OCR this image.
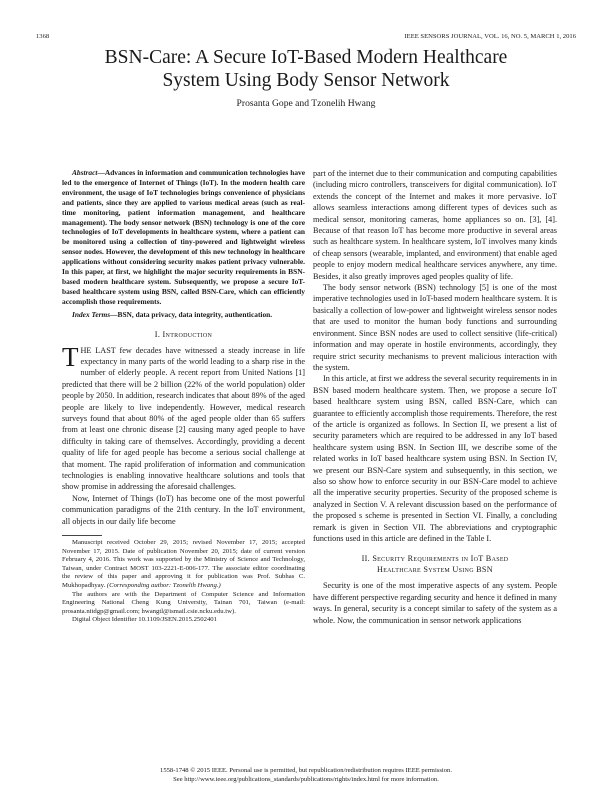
1368	IEEE SENSORS JOURNAL, VOL. 16, NO. 5, MARCH 1, 2016
BSN-Care: A Secure IoT-Based Modern Healthcare
System Using Body Sensor Network
Prosanta Gope and Tzonelih Hwang

Abstract—Advances in information and communication technologies have led to the emergence of Internet of Things (IoT). In the modern health care environment, the usage of IoT technologies brings convenience of physicians and patients, since they are applied to various medical areas (such as real-time monitoring, patient information management, and healthcare management). The body sensor network (BSN) technology is one of the core technologies of IoT developments in healthcare system, where a patient can be monitored using a collection of tiny-powered and lightweight wireless sensor nodes. However, the development of this new technology in healthcare applications without considering security makes patient privacy vulnerable. In this paper, at first, we highlight the major security requirements in BSN-based modern healthcare system. Subsequently, we propose a secure IoT-based healthcare system using BSN, called BSN-Care, which can efficiently accomplish those requirements.

Index Terms—BSN, data privacy, data integrity, authentication.

I. Introduction

THE LAST few decades have witnessed a steady increase in life expectancy in many parts of the world leading to a sharp rise in the number of elderly people. A recent report from United Nations [1] predicted that there will be 2 billion (22% of the world population) older people by 2050. In addition, research indicates that about 89% of the aged people are likely to live independently. However, medical research surveys found that about 80% of the aged people older than 65 suffers from at least one chronic disease [2] causing many aged people to have difficulty in taking care of themselves. Accordingly, providing a decent quality of life for aged people has become a serious social challenge at that moment. The rapid proliferation of information and communication technologies is enabling innovative healthcare solutions and tools that show promise in addressing the aforesaid challenges.

Now, Internet of Things (IoT) has become one of the most powerful communication paradigms of the 21th century. In the IoT environment, all objects in our daily life become

Manuscript received October 29, 2015; revised November 17, 2015; accepted November 17, 2015. Date of publication November 20, 2015; date of current version February 4, 2016. This work was supported by the Ministry of Science and Technology, Taiwan, under Contract MOST 103-2221-E-006-177. The associate editor coordinating the review of this paper and approving it for publication was Prof. Subhas C. Mukhopadhyay. (Corresponding author: Tzonelih Hwang.)

The authors are with the Department of Computer Science and Information Engineering National Cheng Kung University, Tainan 701, Taiwan (e-mail: prosanta.nitdgp@gmail.com; hwangtl@ismail.csie.ncku.edu.tw).

Digital Object Identifier 10.1109/JSEN.2015.2502401

part of the internet due to their communication and computing capabilities (including micro controllers, transceivers for digital communication). IoT extends the concept of the Internet and makes it more pervasive. IoT allows seamless interactions among different types of devices such as medical sensor, monitoring cameras, home appliances so on. [3], [4]. Because of that reason IoT has become more productive in several areas such as healthcare system. In healthcare system, IoT involves many kinds of cheap sensors (wearable, implanted, and environment) that enable aged people to enjoy modern medical healthcare services anywhere, any time. Besides, it also greatly improves aged peoples quality of life.

The body sensor network (BSN) technology [5] is one of the most imperative technologies used in IoT-based modern healthcare system. It is basically a collection of low-power and lightweight wireless sensor nodes that are used to monitor the human body functions and surrounding environment. Since BSN nodes are used to collect sensitive (life-critical) information and may operate in hostile environments, accordingly, they require strict security mechanisms to prevent malicious interaction with the system.

In this article, at first we address the several security requirements in in BSN based modern healthcare system. Then, we propose a secure IoT based healthcare system using BSN, called BSN-Care, which can guarantee to efficiently accomplish those requirements. Therefore, the rest of the article is organized as follows. In Section II, we present a list of security parameters which are required to be addressed in any IoT based healthcare system using BSN. In Section III, we describe some of the related works in IoT based healthcare system using BSN. In Section IV, we present our BSN-Care system and subsequently, in this section, we also so show how to enforce security in our BSN-Care model to achieve all the imperative security properties. Security of the proposed scheme is analyzed in Section V. A relevant discussion based on the performance of the proposed s scheme is presented in Section VI. Finally, a concluding remark is given in Section VII. The abbreviations and cryptographic functions used in this article are defined in the Table I.

II. Security Requirements in IoT Based
Healthcare System Using BSN

Security is one of the most imperative aspects of any system. People have different perspective regarding security and hence it defined in many ways. In general, security is a concept similar to safety of the system as a whole. Now, the communication in sensor network applications

1558-1748 © 2015 IEEE. Personal use is permitted, but republication/redistribution requires IEEE permission.
See http://www.ieee.org/publications_standards/publications/rights/index.html for more information.
